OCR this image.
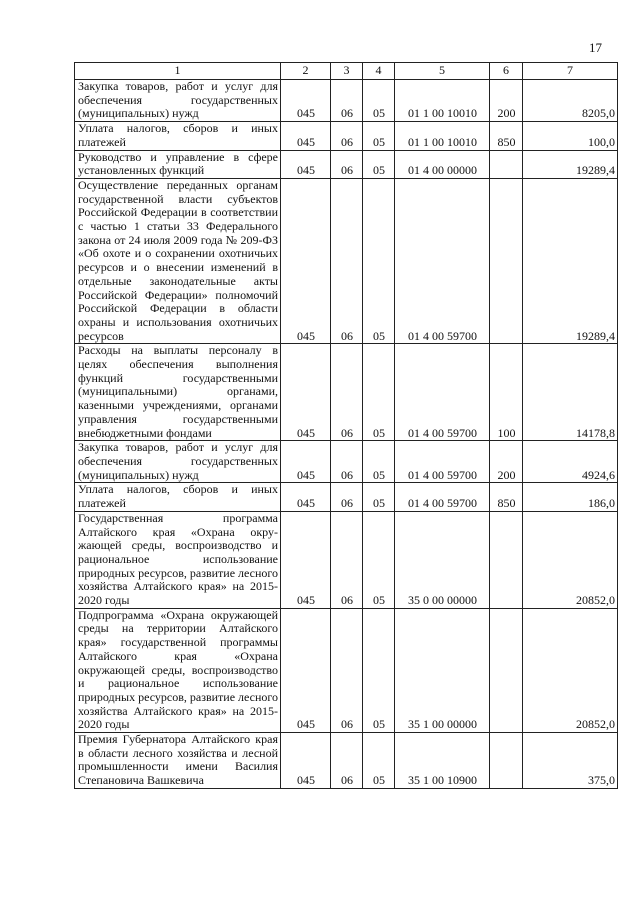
17
1	2	3	4	5	6	7
Закупка товаров, работ и услуг для обеспечения государственных (муниципальных) нужд	045	06	05	01 1 00 10010	200	8205,0
Уплата налогов, сборов и иных платежей	045	06	05	01 1 00 10010	850	100,0
Руководство и управление в сфере установленных функций	045	06	05	01 4 00 00000		19289,4
Осуществление переданных органам государственной власти субъектов Российской Федерации в соответствии с частью 1 статьи 33 Федерального закона от 24 июля 2009 года № 209-ФЗ «Об охоте и о сохранении охотничьих ресурсов и о внесении изменений в отдельные законодательные акты Российской Федерации» полномочий Российской Федерации в области охраны и использования охотничьих ресурсов	045	06	05	01 4 00 59700		19289,4
Расходы на выплаты персоналу в целях обеспечения выполнения функций государственными (муниципальными) органами, казенными учреждениями, органами управления государственными внебюджетными фондами	045	06	05	01 4 00 59700	100	14178,8
Закупка товаров, работ и услуг для обеспечения государственных (муниципальных) нужд	045	06	05	01 4 00 59700	200	4924,6
Уплата налогов, сборов и иных платежей	045	06	05	01 4 00 59700	850	186,0
Государственная программа Алтайского края «Охрана окружающей среды, воспроизводство и рациональное использование природных ресурсов, развитие лесного хозяйства Алтайского края» на 2015-2020 годы	045	06	05	35 0 00 00000		20852,0
Подпрограмма «Охрана окружающей среды на территории Алтайского края» государственной программы Алтайского края «Охрана окружающей среды, воспроизводство и рациональное использование природных ресурсов, развитие лесного хозяйства Алтайского края» на 2015-2020 годы	045	06	05	35 1 00 00000		20852,0
Премия Губернатора Алтайского края в области лесного хозяйства и лесной промышленности имени Василия Степановича Вашкевича	045	06	05	35 1 00 10900		375,0
